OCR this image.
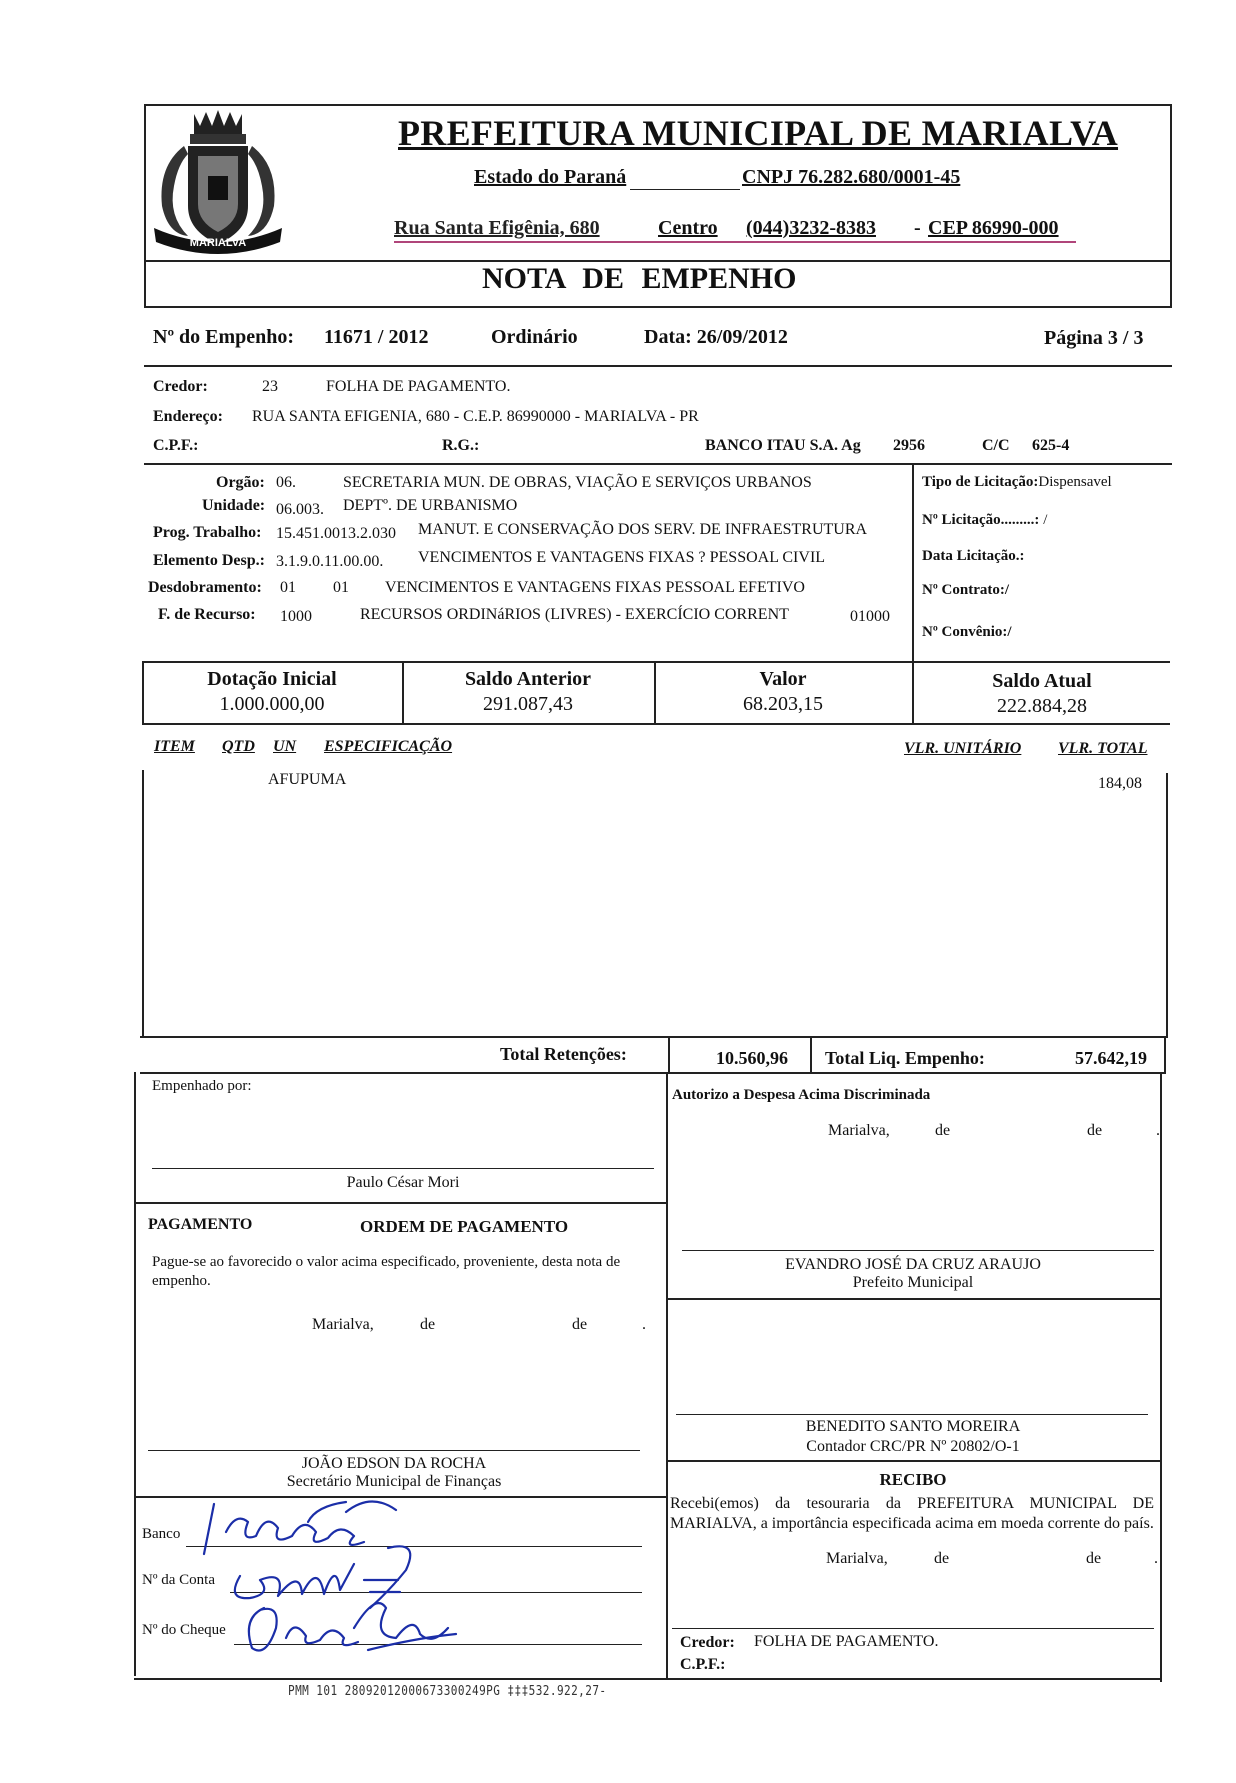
MARIALVA
PREFEITURA MUNICIPAL DE MARIALVA
Estado do Paraná	CNPJ 76.282.680/0001-45
Rua Santa Efigênia, 680	Centro (044)3232-8383 - CEP 86990-000
NOTA DE EMPENHO
Nº do Empenho: 11671 / 2012	Ordinário	Data: 26/09/2012	Página 3 / 3
Credor:	23	FOLHA DE PAGAMENTO.
Endereço: RUA SANTA EFIGENIA, 680 - C.E.P. 86990000 - MARIALVA - PR
C.P.F.:	R.G.:	BANCO ITAU S.A. Ag 2956	C/C 625-4
Orgão: 06.	SECRETARIA MUN. DE OBRAS, VIAÇÃO E SERVIÇOS URBANOS
Unidade: 06.003. DEPTº. DE URBANISMO
Prog. Trabalho: 15.451.0013.2.030 MANUT. E CONSERVAÇÃO DOS SERV. DE INFRAESTRUTURA
Elemento Desp.: 3.1.9.0.11.00.00. VENCIMENTOS E VANTAGENS FIXAS ? PESSOAL CIVIL
Desdobramento: 01 01 VENCIMENTOS E VANTAGENS FIXAS PESSOAL EFETIVO
F. de Recurso: 1000	RECURSOS ORDINáRIOS (LIVRES) - EXERCÍCIO CORRENT	01000
Tipo de Licitação:Dispensavel
Nº Licitação.........: /
Data Licitação.:
Nº Contrato:/
Nº Convênio:/
Dotação Inicial
1.000.000,00
Saldo Anterior
291.087,43
Valor
68.203,15
Saldo Atual
222.884,28
ITEM QTD UN ESPECIFICAÇÃO	VLR. UNITÁRIO VLR. TOTAL
AFUPUMA	184,08
Total Retenções:	10.560,96 Total Liq. Empenho:	57.642,19
Empenhado por:
Paulo César Mori
PAGAMENTO	ORDEM DE PAGAMENTO
Pague-se ao favorecido o valor acima especificado, proveniente, desta nota de empenho.
Marialva,	de	de	.
JOÃO EDSON DA ROCHA
Secretário Municipal de Finanças
Banco
Nº da Conta
Nº do Cheque
Autorizo a Despesa Acima Discriminada
Marialva,	de	de	.
EVANDRO JOSÉ DA CRUZ ARAUJO
Prefeito Municipal
BENEDITO SANTO MOREIRA
Contador CRC/PR Nº 20802/O-1
RECIBO
Recebi(emos) da tesouraria da PREFEITURA MUNICIPAL DE MARIALVA, a importância especificada acima em moeda corrente do país.
Marialva,	de	de	.
Credor: FOLHA DE PAGAMENTO.
C.P.F.:
PMM 101 28092012000673300249PG ‡‡‡532.922,27-
